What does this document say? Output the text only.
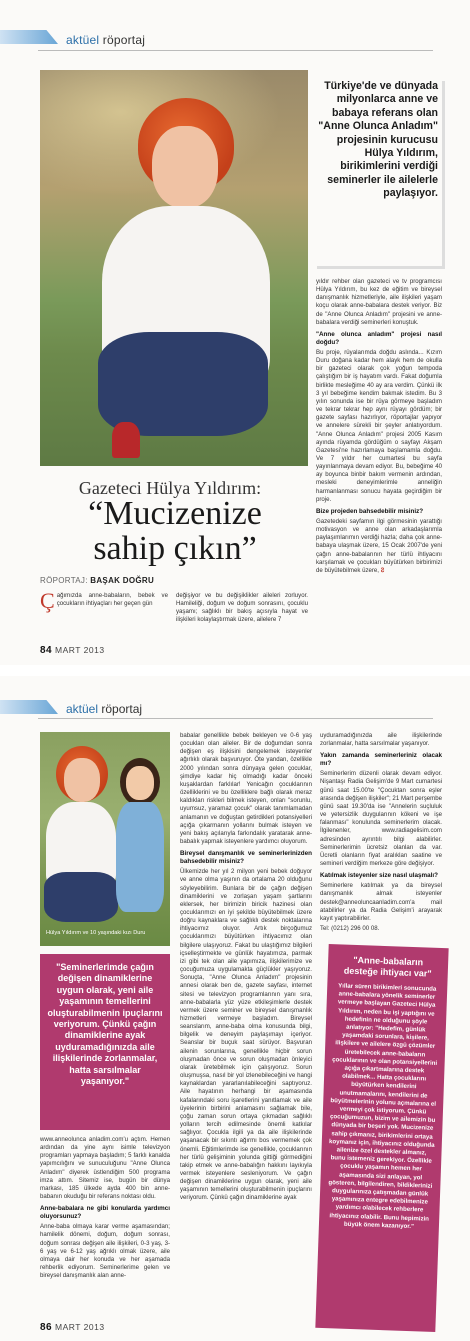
aktüel röportaj
Türkiye'de ve dünyada milyonlarca anne ve babaya referans olan "Anne Olunca Anladım" projesinin kurucusu Hülya Yıldırım, birikimlerini verdiği seminerler ile ailelerle paylaşıyor.
Gazeteci Hülya Yıldırım:
“Mucizenize
sahip çıkın”
RÖPORTAJ: BAŞAK DOĞRU
Çağımızda anne-babaların, bebek ve çocukların ihtiyaçları her geçen gün
değişiyor ve bu değişiklikler aileleri zorluyor. Hamileliği, doğum ve doğum sonrasını, çocuklu yaşamı; sağlıklı bir bakış açısıyla hayat ve ilişkileri kolaylaştırmak üzere, ailelere 7

yıldır rehber olan gazeteci ve tv programcısı Hülya Yıldırım, bu kez de eğitim ve bireysel danışmanlık hizmetleriyle, aile ilişkileri yaşam koçu olarak anne-babalara destek veriyor. Biz de "Anne Olunca Anladım" projesini ve anne-babalara verdiği seminerleri konuştuk.

"Anne olunca anladım" projesi nasıl doğdu?

Bu proje, rüyalarımda doğdu aslında... Kızım Duru doğana kadar hem alayk hem de okulla bir gazeteci olarak çok yoğun tempoda çalıştığım bir iş hayatım vardı. Fakat doğumla birlikte mesleğime 40 ay ara verdim. Çünkü ilk 3 yıl bebeğime kendim bakmak istedim. Bu 3 yılın sonunda ise bir rüya görmeye başladım ve tekrar tekrar hep aynı rüyayı gördüm; bir gazete sayfası hazırlıyor, röportajlar yapıyor ve annelere sürekli bir şeyler anlatıyordum. "Anne Olunca Anladım" projesi 2005 Kasım ayında rüyamda gördüğüm o sayfayı Akşam Gazetesi'ne hazırlamaya başlamamla doğdu. Ve 7 yıldır her cumartesi bu sayfa yayınlanmaya devam ediyor. Bu, bebeğime 40 ay boyunca binbir bakım vermenin ardından, mesleki deneyimlerimle anneliğin harmanlanması sonucu hayata geçirdiğim bir proje.

Bize projeden bahsedebilir misiniz?

Gazetedeki sayfamın ilgi görmesinin yarattığı motivasyon ve anne olan arkadaşlarımla paylaşımlarımın verdiği hazla; daha çok anne-babaya ulaşmak üzere, 15 Ocak 2007'de yeni çağın anne-babalarının her türlü ihtiyacını karşılamak ve çocukları büyütürken birbirimizi de büyütebilmek üzere, Ⴧ

84 MART 2013
aktüel röportaj
Hülya Yıldırım ve 10 yaşındaki kızı Duru
"Seminerlerimde çağın değişen dinamiklerine uygun olarak, yeni aile yaşamının temellerini oluşturabilmenin ipuçlarını veriyorum. Çünkü çağın dinamiklerine ayak uyduramadığınızda aile ilişkilerinde zorlanmalar, hatta sarsılmalar yaşanıyor."

www.anneolunca anladim.com'u açtım. Hemen ardından da yine aynı isimle televizyon programları yapmaya başladım; 5 farklı kanalda yapımcılığını ve sunuculuğunu "Anne Olunca Anladım" diyerek üstlendiğim 500 programa imza attım. Sitemiz ise, bugün bir dünya markası, 185 ülkede ayda 400 bin anne-babanın okuduğu bir referans noktası oldu.

Anne-babalara ne gibi konularda yardımcı oluyorsunuz?

Anne-baba olmaya karar verme aşamasından; hamilelik dönemi, doğum, doğum sonrası, doğum sonrası değişen aile ilişkileri, 0-3 yaş, 3-6 yaş ve 6-12 yaş ağrıklı olmak üzere, aile olmaya dair her konuda ve her aşamada rehberlik ediyorum. Seminerlerime gelen ve bireysel danışmanlık alan anne-

babalar genellikle bebek bekleyen ve 0-6 yaş çocukları olan aileler. Bir de doğumdan sonra değişen eş ilişkisini dengelemek isteyenler ağırlıklı olarak başvuruyor. Öte yandan, özellikle 2000 yılından sonra dünyaya gelen çocuklar, şimdiye kadar hiç olmadığı kadar önceki kuşaklardan farklılar! Yenicağın çocuklarının özelliklerini ve bu özelliklere bağlı olarak meraz kaldıkları riskleri bilmek isteyen, onları "sorunlu, uyumsuz, yaramaz çocuk" olarak tanımlamadan anlamanın ve doğuştan getirdikleri potansiyelleri açığa çıkarmanın yollarını bulmak isteyen ve yeni bakış açılarıyla farkındalık yaratarak anne-babalık yapmak isteyenlere yardımcı oluyorum.

Bireysel danışmanlık ve seminerlerinizden bahsedebilir misiniz?

Ülkemizde her yıl 2 milyon yeni bebek doğuyor ve anne olma yaşının da ortalama 20 olduğunu söyleyebilirim. Bunlara bir de çağın değişen dinamiklerini ve zorlaşan yaşam şartlarını eklersek, her birimizin biricik hazinesi olan çocuklarımızı en iyi şekilde büyütebilmek üzere doğru kaynaklara ve sağlıklı destek noktalarına ihtiyacımız oluyor. Artık birçoğumuz çocuklarımızı büyütürken ihtiyacımız olan bilgilere ulaşıyoruz. Fakat bu ulaştığımız bilgileri içselleştirmekte ve günlük hayatımıza, parmak izi gibi tek olan aile yapımıza, ilişkilerimize ve çocuğumuza uygulamakta güçlükler yaşıyoruz. Sonuçta, "Anne Olunca Anladım" projesinin annesi olarak ben de, gazete sayfası, internet sitesi ve televizyon programlarının yanı sıra, anne-babalarla yüz yüze etkileşimlerle destek vermek üzere seminer ve bireysel danışmanlık hizmetleri vermeye başladım. Bireysel seanslarım, anne-baba olma konusunda bilgi, bilgelik ve deneyim paylaşımayı içeriyor. Seanslar bir buçuk saat sürüyor. Başvuran ailenin sorunlarına, genellikle hiçbir sorun oluşmadan önce ve sorun oluşmadan önleyici olarak üretebilmek için çalışıyoruz. Sorun oluşmuşsa, nasıl bir yol izlenebileceğini ve hangi kaynaklardan yararlanılabileceğini saptıyoruz. Aile hayatının herhangi bir aşamasında kafalarındaki soru işaretlerini yanıtlamak ve aile üyelerinin birbirini anlamasını sağlamak bile, çoğu zaman sorun ortaya çıkmadan sağlıklı yolların tercih edilmesinde önemli katkılar sağlıyor. Çocukla ilgili ya da aile ilişkilerinde yaşanacak bir sıkıntı ağırmı bos vermemek çok önemli. Eğitimlerimde ise genellikle, çocuklarının her türlü gelişiminin yolunda gittiği görmediğini takip etmek ve anne-babalığın hakkını layıkıyla vermek isteyenlere sesleniyorum. Ve çağın değişen dinamiklerine uygun olarak, yeni aile yaşamının temellerini oluşturabilmenin ipuçlarını veriyorum. Çünkü çağın dinamiklerine ayak

uyduramadığınızda aile ilişkilerinde zorlanmalar, hatta sarsılmalar yaşanıyor.

Yakın zamanda seminerleriniz olacak mı?

Seminerlerim düzenli olarak devam ediyor. Nişantaşı Radia Gelişim'de 9 Mart cumartesi günü saat 15.00'te "Çocuktan sonra eşler arasında değişen ilişkiler"; 21 Mart perşembe günü saat 19.30'da ise "Annelerin suçluluk ve yetersizlik duygularının kökeni ve işe falanması" konulunda seminerlerim olacak. İlgilenenler, www.radiagelisim.com adresinden ayrıntılı bilgi alabilirler. Seminerlerimin ücretsiz olanları da var. Ücretli olanların fiyat aralıkları saatine ve semineri verdiğim merkeze göre değişiyor.

Katılmak isteyenler size nasıl ulaşmalı?

Seminerlere katılmak ya da bireysel danışmanlık almak isteyenler destek@anneoluncaanladim.com'a mail atabilirler ya da Radia Gelişim'i arayarak kayıt yaptırabilirler.

Tel: (0212) 296 00 08.

"Anne-babaların desteğe ihtiyacı var"
Yıllar süren birikimleri sonucunda anne-babalara yönelik seminerler vermeye başlayan Gazeteci Hülya Yıldırım, neden bu işi yaptığını ve hedefinin ne olduğunu şöyle anlatıyor: "Hedefim, günlük yaşamdaki sorunlara, kişilere, ilişkilere ve ailelere özgü çözümler üretebilecek anne-babaların çocuklarının ve olan potansiyellerini açığa çıkartmalarına destek olabilmek... Hatta çocuklarını büyütürken kendilerini unutmamalarını, kendilerini de büyütmelerinin yolunu açmalarına el vermeyi çok istiyorum. Çünkü çocuğumuzun, bizim ve ailemizin bu dünyada bir beşeri yok. Mucizenize sahip çıkmanız, birikimlerini ortaya koymanız için, ihtiyacınız olduğunda ailenize özel destekler almanız, bunu istemeniz gerekiyor. Özellikle çocuklu yaşamın hemen her aşamasında sizi anlayan, yol gösteren, bilgilendiren, bildiklerinizi duygularınıza çatışmadan günlük yaşamınıza entegre edebilmenize yardımcı olabilecek rehberlere ihtiyacınız olabilir. Bunu hepimizin büyük önem kazanıyor."
86 MART 2013
